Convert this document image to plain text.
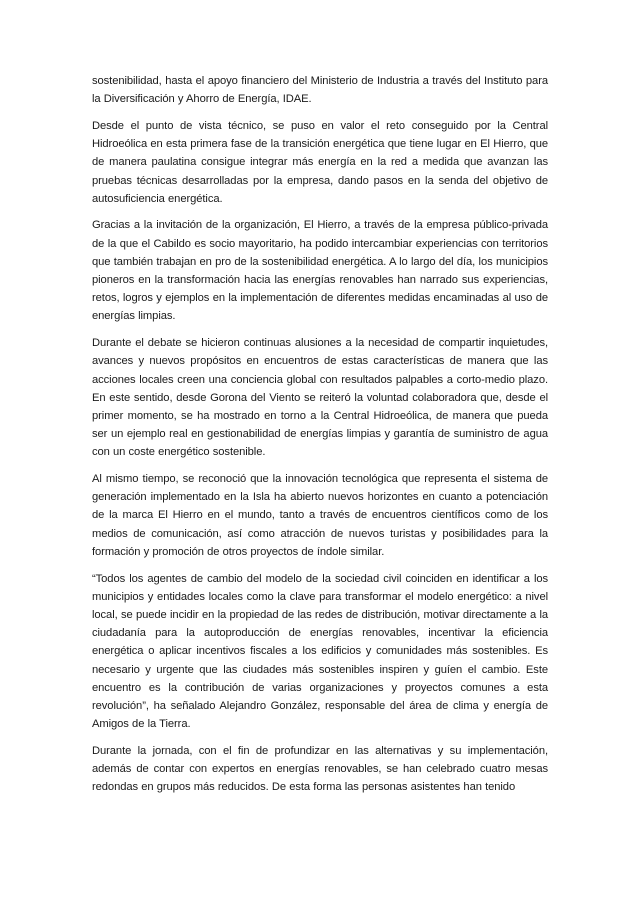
sostenibilidad, hasta el apoyo financiero del Ministerio de Industria a través del Instituto para la Diversificación y Ahorro de Energía, IDAE.

Desde el punto de vista técnico, se puso en valor el reto conseguido por la Central Hidroeólica en esta primera fase de la transición energética que tiene lugar en El Hierro, que de manera paulatina consigue integrar más energía en la red a medida que avanzan las pruebas técnicas desarrolladas por la empresa, dando pasos en la senda del objetivo de autosuficiencia energética.

Gracias a la invitación de la organización, El Hierro, a través de la empresa público-privada de la que el Cabildo es socio mayoritario, ha podido intercambiar experiencias con territorios que también trabajan en pro de la sostenibilidad energética. A lo largo del día, los municipios pioneros en la transformación hacia las energías renovables han narrado sus experiencias, retos, logros y ejemplos en la implementación de diferentes medidas encaminadas al uso de energías limpias.

Durante el debate se hicieron continuas alusiones a la necesidad de compartir inquietudes, avances y nuevos propósitos en encuentros de estas características de manera que las acciones locales creen una conciencia global con resultados palpables a corto-medio plazo. En este sentido, desde Gorona del Viento se reiteró la voluntad colaboradora que, desde el primer momento, se ha mostrado en torno a la Central Hidroeólica, de manera que pueda ser un ejemplo real en gestionabilidad de energías limpias y garantía de suministro de agua con un coste energético sostenible.

Al mismo tiempo, se reconoció que la innovación tecnológica que representa el sistema de generación implementado en la Isla ha abierto nuevos horizontes en cuanto a potenciación de la marca El Hierro en el mundo, tanto a través de encuentros científicos como de los medios de comunicación, así como atracción de nuevos turistas y posibilidades para la formación y promoción de otros proyectos de índole similar.

“Todos los agentes de cambio del modelo de la sociedad civil coinciden en identificar a los municipios y entidades locales como la clave para transformar el modelo energético: a nivel local, se puede incidir en la propiedad de las redes de distribución, motivar directamente a la ciudadanía para la autoproducción de energías renovables, incentivar la eficiencia energética o aplicar incentivos fiscales a los edificios y comunidades más sostenibles. Es necesario y urgente que las ciudades más sostenibles inspiren y guíen el cambio. Este encuentro es la contribución de varias organizaciones y proyectos comunes a esta revolución”, ha señalado Alejandro González, responsable del área de clima y energía de Amigos de la Tierra.

Durante la jornada, con el fin de profundizar en las alternativas y su implementación, además de contar con expertos en energías renovables, se han celebrado cuatro mesas redondas en grupos más reducidos. De esta forma las personas asistentes han tenido
